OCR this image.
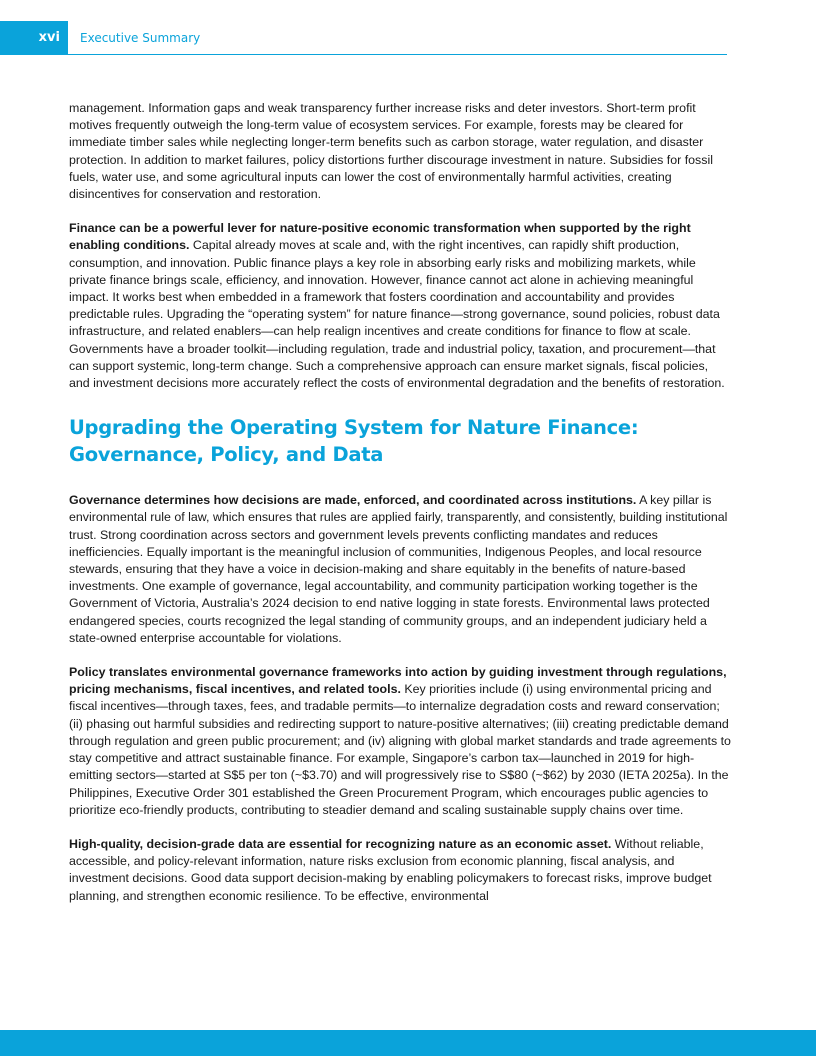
xvi	Executive Summary

management. Information gaps and weak transparency further increase risks and deter investors. Short-term profit motives frequently outweigh the long-term value of ecosystem services. For example, forests may be cleared for immediate timber sales while neglecting longer-term benefits such as carbon storage, water regulation, and disaster protection. In addition to market failures, policy distortions further discourage investment in nature. Subsidies for fossil fuels, water use, and some agricultural inputs can lower the cost of environmentally harmful activities, creating disincentives for conservation and restoration.

Finance can be a powerful lever for nature-positive economic transformation when supported by the right enabling conditions. Capital already moves at scale and, with the right incentives, can rapidly shift production, consumption, and innovation. Public finance plays a key role in absorbing early risks and mobilizing markets, while private finance brings scale, efficiency, and innovation. However, finance cannot act alone in achieving meaningful impact. It works best when embedded in a framework that fosters coordination and accountability and provides predictable rules. Upgrading the “operating system” for nature finance—strong governance, sound policies, robust data infrastructure, and related enablers—can help realign incentives and create conditions for finance to flow at scale. Governments have a broader toolkit—including regulation, trade and industrial policy, taxation, and procurement—that can support systemic, long-term change. Such a comprehensive approach can ensure market signals, fiscal policies, and investment decisions more accurately reflect the costs of environmental degradation and the benefits of restoration.

Upgrading the Operating System for Nature Finance: Governance, Policy, and Data

Governance determines how decisions are made, enforced, and coordinated across institutions. A key pillar is environmental rule of law, which ensures that rules are applied fairly, transparently, and consistently, building institutional trust. Strong coordination across sectors and government levels prevents conflicting mandates and reduces inefficiencies. Equally important is the meaningful inclusion of communities, Indigenous Peoples, and local resource stewards, ensuring that they have a voice in decision-making and share equitably in the benefits of nature-based investments. One example of governance, legal accountability, and community participation working together is the Government of Victoria, Australia’s 2024 decision to end native logging in state forests. Environmental laws protected endangered species, courts recognized the legal standing of community groups, and an independent judiciary held a state-owned enterprise accountable for violations.

Policy translates environmental governance frameworks into action by guiding investment through regulations, pricing mechanisms, fiscal incentives, and related tools. Key priorities include (i) using environmental pricing and fiscal incentives—through taxes, fees, and tradable permits—to internalize degradation costs and reward conservation; (ii) phasing out harmful subsidies and redirecting support to nature-positive alternatives; (iii) creating predictable demand through regulation and green public procurement; and (iv) aligning with global market standards and trade agreements to stay competitive and attract sustainable finance. For example, Singapore’s carbon tax—launched in 2019 for high-emitting sectors—started at S$5 per ton (~$3.70) and will progressively rise to S$80 (~$62) by 2030 (IETA 2025a). In the Philippines, Executive Order 301 established the Green Procurement Program, which encourages public agencies to prioritize eco-friendly products, contributing to steadier demand and scaling sustainable supply chains over time.

High-quality, decision-grade data are essential for recognizing nature as an economic asset. Without reliable, accessible, and policy-relevant information, nature risks exclusion from economic planning, fiscal analysis, and investment decisions. Good data support decision-making by enabling policymakers to forecast risks, improve budget planning, and strengthen economic resilience. To be effective, environmental
